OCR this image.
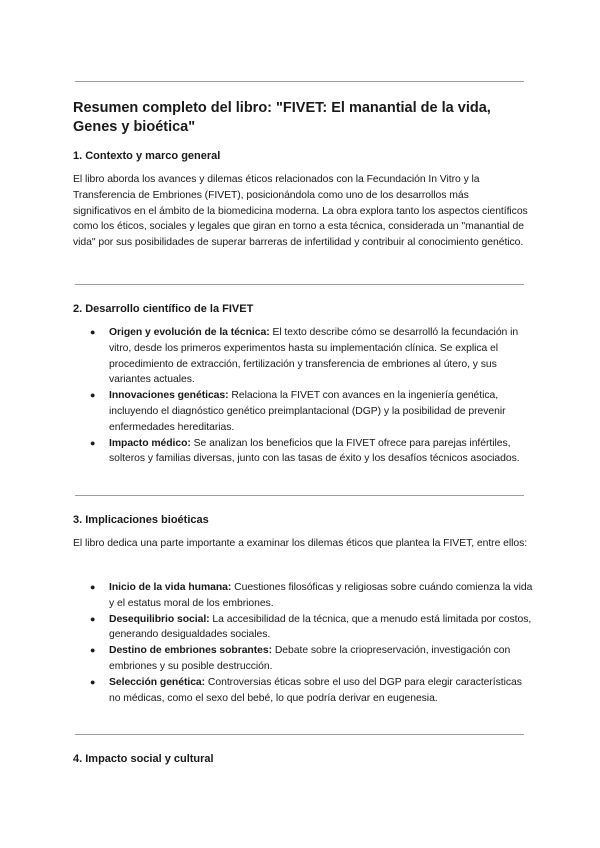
Resumen completo del libro: "FIVET: El manantial de la vida, Genes y bioética"
1. Contexto y marco general

El libro aborda los avances y dilemas éticos relacionados con la Fecundación In Vitro y la Transferencia de Embriones (FIVET), posicionándola como uno de los desarrollos más significativos en el ámbito de la biomedicina moderna. La obra explora tanto los aspectos científicos como los éticos, sociales y legales que giran en torno a esta técnica, considerada un "manantial de vida" por sus posibilidades de superar barreras de infertilidad y contribuir al conocimiento genético.

2. Desarrollo científico de la FIVET
● Origen y evolución de la técnica: El texto describe cómo se desarrolló la fecundación in vitro, desde los primeros experimentos hasta su implementación clínica. Se explica el procedimiento de extracción, fertilización y transferencia de embriones al útero, y sus variantes actuales.
● Innovaciones genéticas: Relaciona la FIVET con avances en la ingeniería genética, incluyendo el diagnóstico genético preimplantacional (DGP) y la posibilidad de prevenir enfermedades hereditarias.
● Impacto médico: Se analizan los beneficios que la FIVET ofrece para parejas infértiles, solteros y familias diversas, junto con las tasas de éxito y los desafíos técnicos asociados.
3. Implicaciones bioéticas

El libro dedica una parte importante a examinar los dilemas éticos que plantea la FIVET, entre ellos:

● Inicio de la vida humana: Cuestiones filosóficas y religiosas sobre cuándo comienza la vida y el estatus moral de los embriones.
● Desequilibrio social: La accesibilidad de la técnica, que a menudo está limitada por costos, generando desigualdades sociales.
● Destino de embriones sobrantes: Debate sobre la criopreservación, investigación con embriones y su posible destrucción.
● Selección genética: Controversias éticas sobre el uso del DGP para elegir características no médicas, como el sexo del bebé, lo que podría derivar en eugenesia.
4. Impacto social y cultural
